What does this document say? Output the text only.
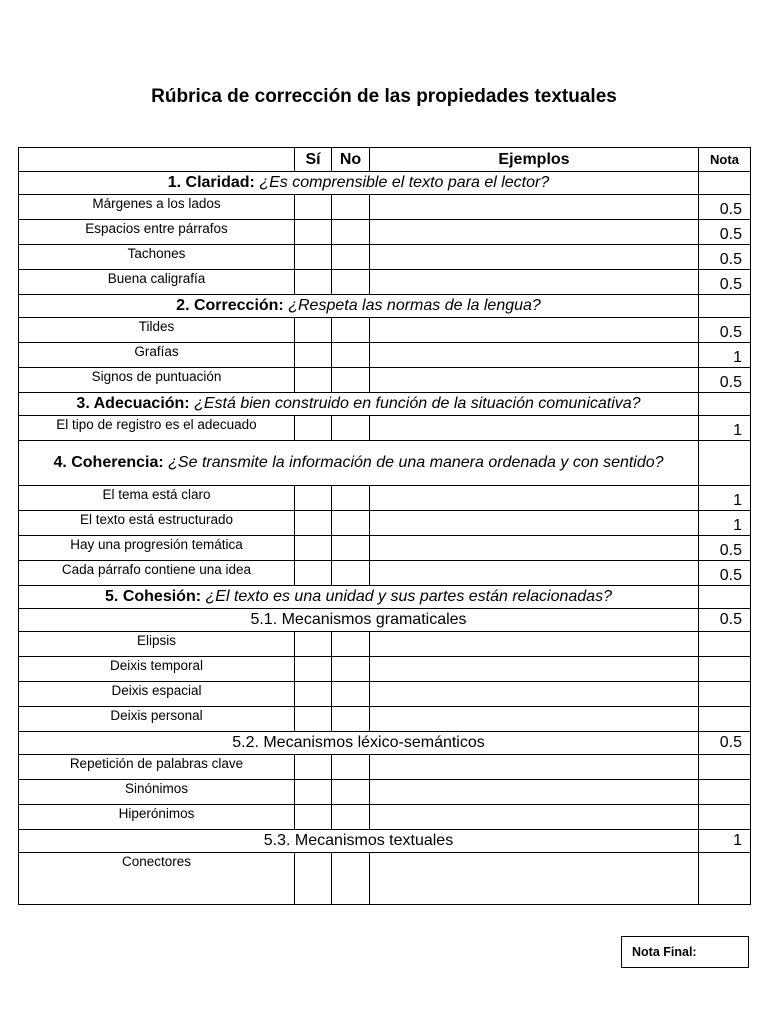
Rúbrica de corrección de las propiedades textuales
	Sí	No	Ejemplos	Nota
1. Claridad: ¿Es comprensible el texto para el lector?				
Márgenes a los lados				0.5
Espacios entre párrafos				0.5
Tachones				0.5
Buena caligrafía				0.5
2. Corrección: ¿Respeta las normas de la lengua?				
Tildes				0.5
Grafías				1
Signos de puntuación				0.5
3. Adecuación: ¿Está bien construido en función de la situación comunicativa?				
El tipo de registro es el adecuado				1
4. Coherencia: ¿Se transmite la información de una manera ordenada y con sentido?				
El tema está claro				1
El texto está estructurado				1
Hay una progresión temática				0.5
Cada párrafo contiene una idea				0.5
5. Cohesión: ¿El texto es una unidad y sus partes están relacionadas?				
5.1. Mecanismos gramaticales				0.5
Elipsis				
Deixis temporal				
Deixis espacial				
Deixis personal				
5.2. Mecanismos léxico-semánticos				0.5
Repetición de palabras clave				
Sinónimos				
Hiperónimos				
5.3. Mecanismos textuales				1
Conectores				
Nota Final:
